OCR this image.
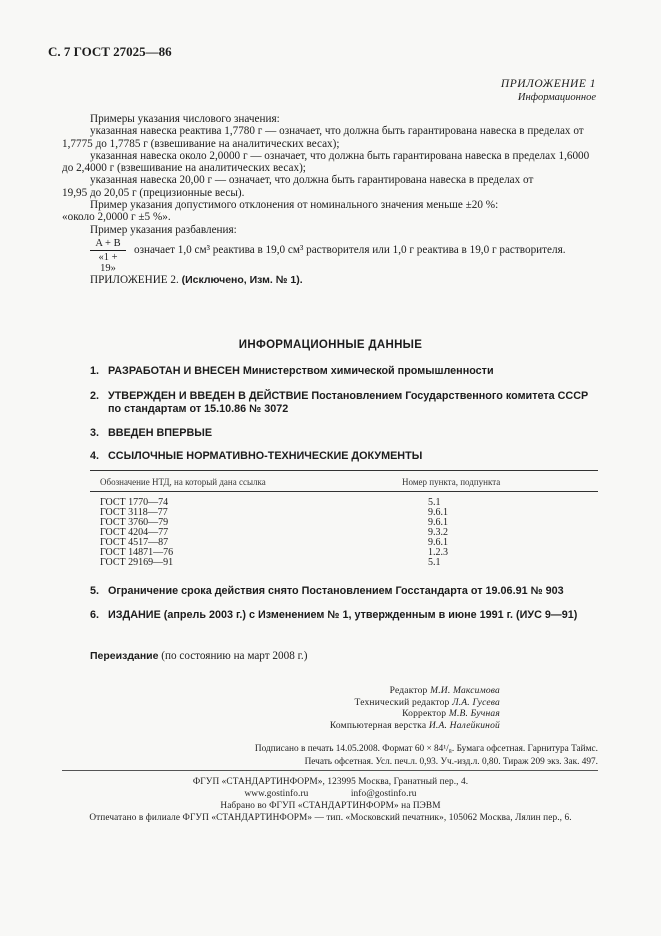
С. 7 ГОСТ 27025—86
ПРИЛОЖЕНИЕ 1
Информационное
Примеры указания числового значения:
указанная навеска реактива 1,7780 г — означает, что должна быть гарантирована навеска в пределах от
1,7775 до 1,7785 г (взвешивание на аналитических весах);
указанная навеска около 2,0000 г — означает, что должна быть гарантирована навеска в пределах 1,6000
до 2,4000 г (взвешивание на аналитических весах);
указанная навеска 20,00 г — означает, что должна быть гарантирована навеска в пределах от
19,95 до 20,05 г (прецизионные весы).
Пример указания допустимого отклонения от номинального значения меньше ±20 %:
«около 2,0000 г ±5 %».
Пример указания разбавления:
A + B
«1 + 19»
означает 1,0 см³ реактива в 19,0 см³ растворителя или 1,0 г реактива в 19,0 г растворителя.
ПРИЛОЖЕНИЕ 2. (Исключено, Изм. № 1).
ИНФОРМАЦИОННЫЕ ДАННЫЕ
1. РАЗРАБОТАН И ВНЕСЕН Министерством химической промышленности
2. УТВЕРЖДЕН И ВВЕДЕН В ДЕЙСТВИЕ Постановлением Государственного комитета СССР по стандартам от 15.10.86 № 3072
3. ВВЕДЕН ВПЕРВЫЕ
4. ССЫЛОЧНЫЕ НОРМАТИВНО-ТЕХНИЧЕСКИЕ ДОКУМЕНТЫ
Обозначение НТД, на который дана ссылка	Номер пункта, подпункта
ГОСТ 1770—74	5.1
ГОСТ 3118—77	9.6.1
ГОСТ 3760—79	9.6.1
ГОСТ 4204—77	9.3.2
ГОСТ 4517—87	9.6.1
ГОСТ 14871—76	1.2.3
ГОСТ 29169—91	5.1
5. Ограничение срока действия снято Постановлением Госстандарта от 19.06.91 № 903
6. ИЗДАНИЕ (апрель 2003 г.) с Изменением № 1, утвержденным в июне 1991 г. (ИУС 9—91)
Переиздание (по состоянию на март 2008 г.)
Редактор М.И. Максимова
Технический редактор Л.А. Гусева
Корректор М.В. Бучная
Компьютерная верстка И.А. Налейкиной
Подписано в печать 14.05.2008. Формат 60 × 84¹/₈. Бумага офсетная. Гарнитура Таймс.
Печать офсетная. Усл. печ.л. 0,93. Уч.-изд.л. 0,80. Тираж 209 экз. Зак. 497.
ФГУП «СТАНДАРТИНФОРМ», 123995 Москва, Гранатный пер., 4.
www.gostinfo.ru	info@gostinfo.ru
Набрано во ФГУП «СТАНДАРТИНФОРМ» на ПЭВМ
Отпечатано в филиале ФГУП «СТАНДАРТИНФОРМ» — тип. «Московский печатник», 105062 Москва, Лялин пер., 6.
